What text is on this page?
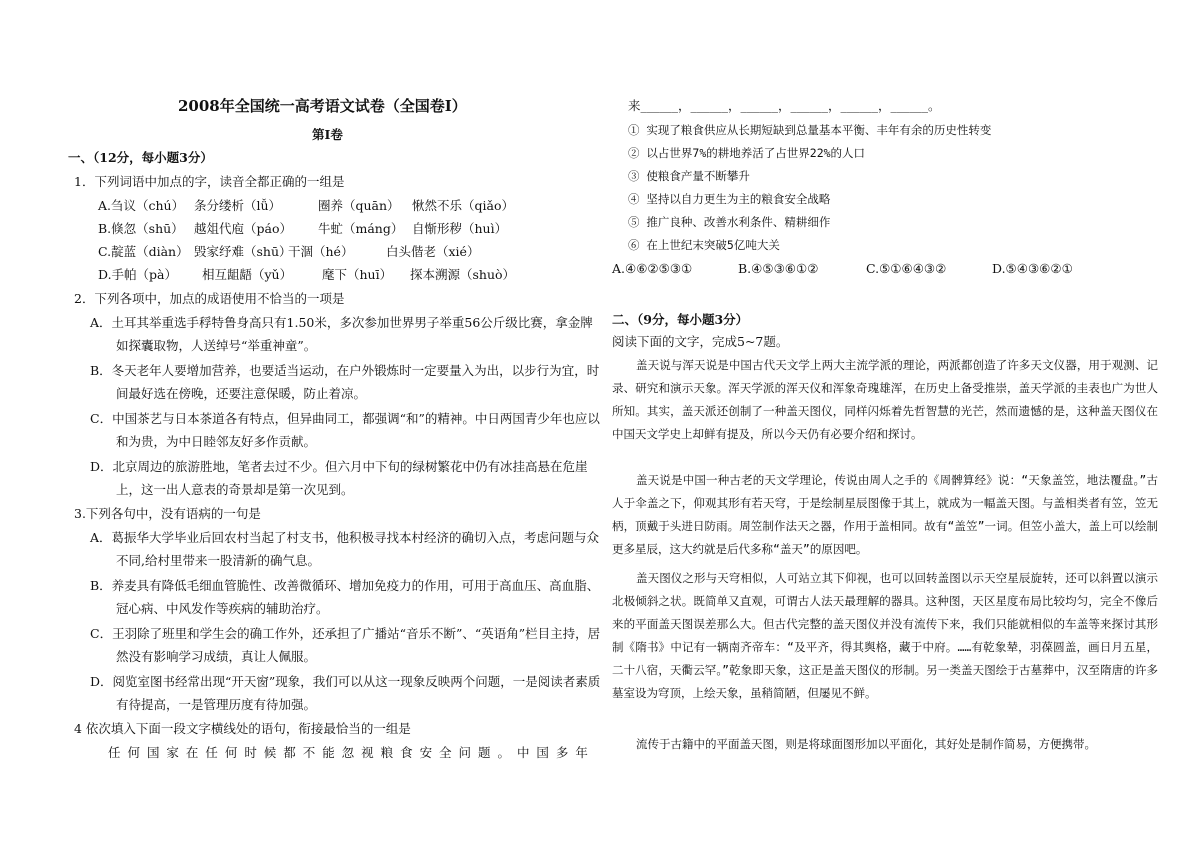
2008年全国统一高考语文试卷（全国卷Ⅰ）
第Ⅰ卷
一、（12分，每小题3分）
1．下列词语中加点的字，读音全都正确的一组是
A.刍议（chú） 条分缕析（lǚ）	圈养（quān） 愀然不乐（qiǎo）
B.倏忽（shū） 越俎代庖（páo） 牛虻（máng） 自惭形秽（huì）
C.靛蓝（diàn） 毁家纾难（shū）干涸（hé）	白头偕老（xié）
D.手帕（pà） 相互龃龉（yǔ） 麾下（huī） 探本溯源（shuò）
2．下列各项中，加点的成语使用不恰当的一项是
A．土耳其举重选手稃特鲁身高只有1.50米，多次参加世界男子举重56公斤级比赛，拿金牌
如探囊取物，人送绰号“举重神童”。
B．冬天老年人要增加营养，也要适当运动，在户外锻炼时一定要量入为出，以步行为宜，时
间最好选在傍晚，还要注意保暖，防止着凉。
C．中国茶艺与日本茶道各有特点，但异曲同工，都强调“和”的精神。中日两国青少年也应以
和为贵，为中日睦邻友好多作贡献。
D．北京周边的旅游胜地，笔者去过不少。但六月中下旬的绿树繁花中仍有冰挂高悬在危崖
上，这一出人意表的奇景却是第一次见到。
3.下列各句中，没有语病的一句是
A．葛振华大学毕业后回农村当起了村支书，他积极寻找本村经济的确切入点，考虑问题与众
不同,给村里带来一股清新的确气息。
B．养麦具有降低毛细血管脆性、改善微循环、增加免疫力的作用，可用于高血压、高血脂、
冠心病、中风发作等疾病的辅助治疗。
C．王羽除了班里和学生会的确工作外，还承担了广播站“音乐不断”、“英语角”栏目主持，居
然没有影响学习成绩，真让人佩服。
D．阅览室图书经常出现“开天窗”现象，我们可以从这一现象反映两个问题，一是阅读者素质
有待提高，一是管理历度有待加强。
4 依次填入下面一段文字横线处的语句，衔接最恰当的一组是
任 何 国 家 在 任 何 时 候 都 不 能 忽 视 粮 食 安 全 问 题 。 中 国 多 年
来______，______，______，______，______，______。
① 实现了粮食供应从长期短缺到总量基本平衡、丰年有余的历史性转变
② 以占世界7%的耕地养活了占世界22%的人口
③ 使粮食产量不断攀升
④ 坚持以自力更生为主的粮食安全战略
⑤ 推广良种、改善水利条件、精耕细作
⑥ 在上世纪末突破5亿吨大关
A.④⑥②⑤③①	B.④⑤③⑥①②	C.⑤①⑥④③②	D.⑤④③⑥②①
二、（9分，每小题3分）
阅读下面的文字，完成5~7题。
盖天说与浑天说是中国古代天文学上两大主流学派的理论，两派都创造了许多天文仪器，用于观测、记录、研究和演示天象。浑天学派的浑天仪和浑象奇瑰雄浑，在历史上备受推崇，盖天学派的圭表也广为世人所知。其实，盖天派还创制了一种盖天图仪，同样闪烁着先哲智慧的光芒，然而遗憾的是，这种盖天图仪在中国天文学史上却鲜有提及，所以今天仍有必要介绍和探讨。
盖天说是中国一种古老的天文学理论，传说由周人之手的《周髀算经》说：“天象盖笠，地法覆盘。”古人于伞盖之下，仰观其形有若天穹，于是绘制星辰图像于其上，就成为一幅盖天图。与盖相类者有笠，笠无柄，顶戴于头进日防雨。周笠制作法天之器，作用于盖相同。故有“盖笠”一词。但笠小盖大，盖上可以绘制更多星辰，这大约就是后代多称“盖天”的原因吧。
盖天图仪之形与天穹相似，人可站立其下仰视，也可以回转盖图以示天空星辰旋转，还可以斜置以演示北极倾斜之状。既简单又直观，可谓古人法天最理解的器具。这种图，天区星度布局比较均匀，完全不像后来的平面盖天图误差那么大。但古代完整的盖天图仪并没有流传下来，我们只能就相似的车盖等来探讨其形制《隋书》中记有一辆南齐帝车：“及平齐，得其舆格，藏于中府。……有乾象辇，羽葆圆盖，画日月五星，二十八宿，天衢云罕。”乾象即天象，这正是盖天图仪的形制。另一类盖天图绘于古墓葬中，汉至隋唐的许多墓室设为穹顶，上绘天象，虽稍简陋，但屡见不鲜。
流传于古籍中的平面盖天图，则是将球面图形加以平面化，其好处是制作简易，方便携带。
